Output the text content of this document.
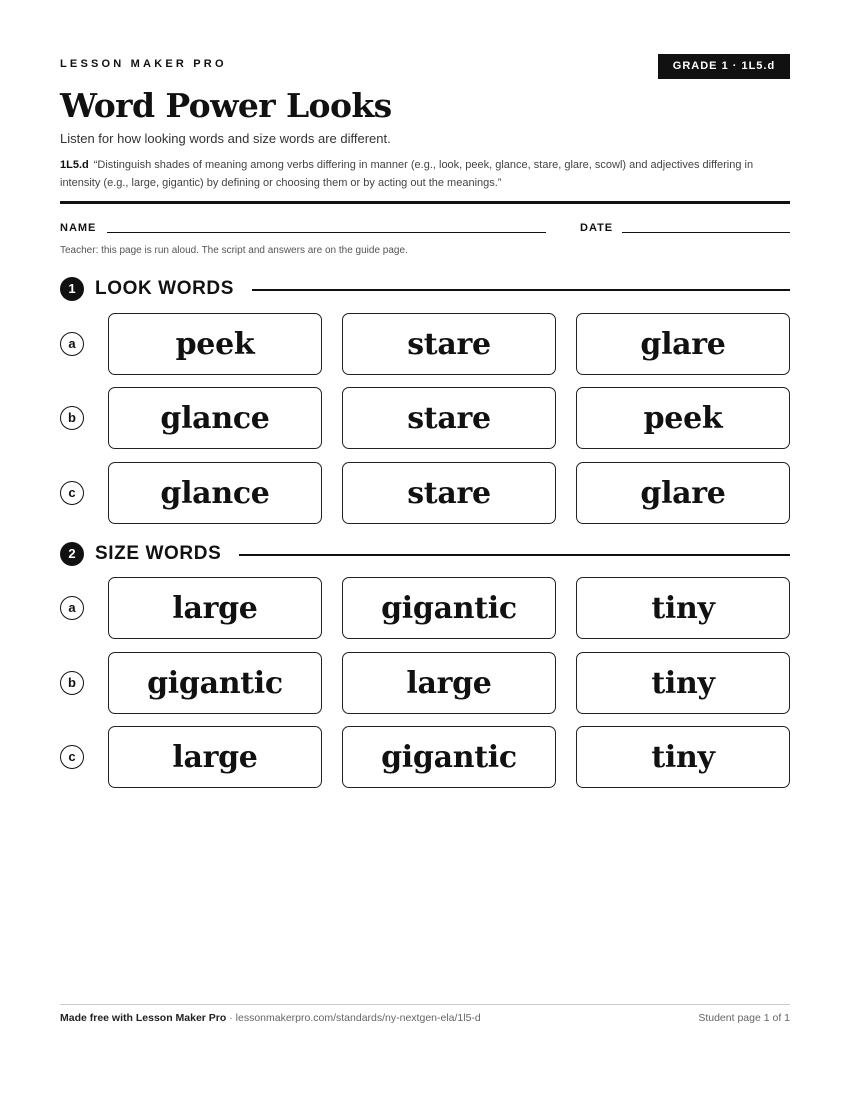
LESSON MAKER PRO	GRADE 1 · 1L5.d
Word Power Looks
Listen for how looking words and size words are different.
1L5.d “Distinguish shades of meaning among verbs differing in manner (e.g., look, peek, glance, stare, glare, scowl) and adjectives differing in intensity (e.g., large, gigantic) by defining or choosing them or by acting out the meanings.”
NAME	DATE
Teacher: this page is run aloud. The script and answers are on the guide page.
1	LOOK WORDS
a	peek	stare	glare
b	glance	stare	peek
c	glance	stare	glare
2	SIZE WORDS
a	large	gigantic	tiny
b	gigantic	large	tiny
c	large	gigantic	tiny
Made free with Lesson Maker Pro · lessonmakerpro.com/standards/ny-nextgen-ela/1l5-d	Student page 1 of 1
